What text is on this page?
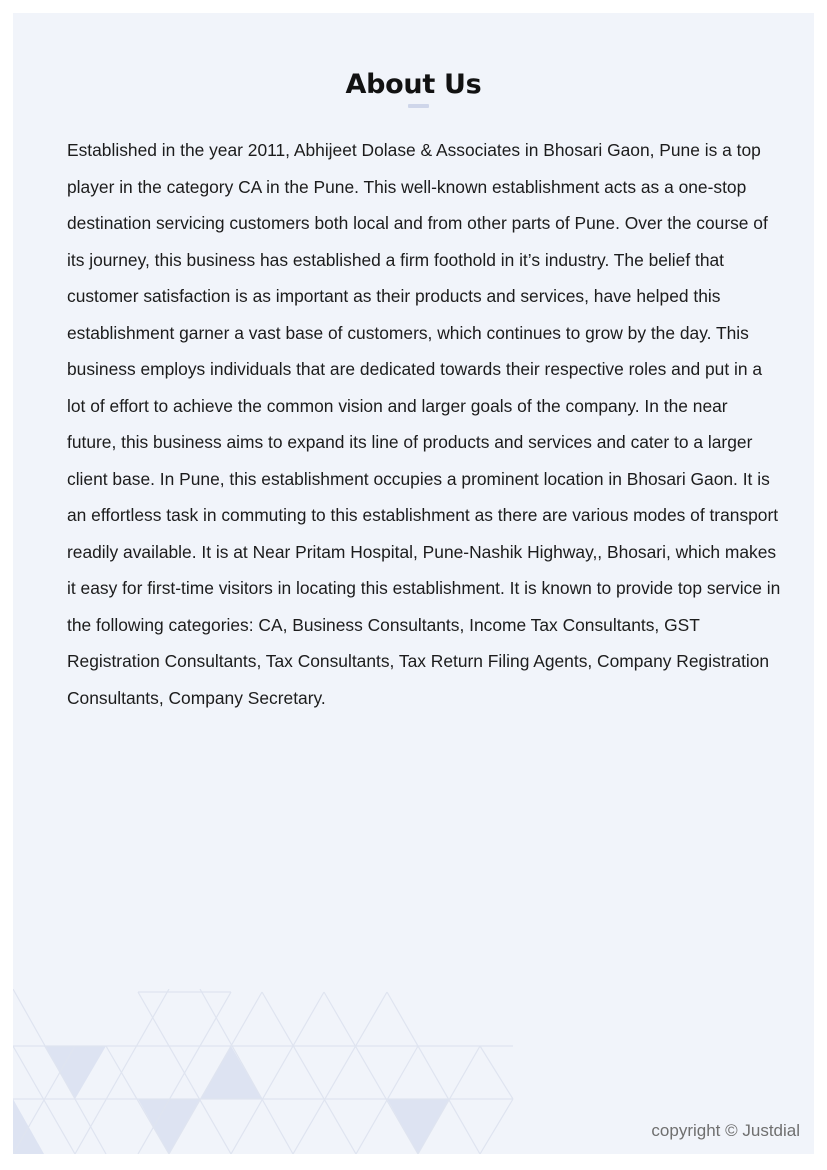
About Us

Established in the year 2011, Abhijeet Dolase & Associates in Bhosari Gaon, Pune is a top player in the category CA in the Pune. This well-known establishment acts as a one-stop destination servicing customers both local and from other parts of Pune. Over the course of its journey, this business has established a firm foothold in it’s industry. The belief that customer satisfaction is as important as their products and services, have helped this establishment garner a vast base of customers, which continues to grow by the day. This business employs individuals that are dedicated towards their respective roles and put in a lot of effort to achieve the common vision and larger goals of the company. In the near future, this business aims to expand its line of products and services and cater to a larger client base. In Pune, this establishment occupies a prominent location in Bhosari Gaon. It is an effortless task in commuting to this establishment as there are various modes of transport readily available. It is at Near Pritam Hospital, Pune-Nashik Highway,, Bhosari, which makes it easy for first-time visitors in locating this establishment. It is known to provide top service in the following categories: CA, Business Consultants, Income Tax Consultants, GST Registration Consultants, Tax Consultants, Tax Return Filing Agents, Company Registration Consultants, Company Secretary.

copyright © Justdial
